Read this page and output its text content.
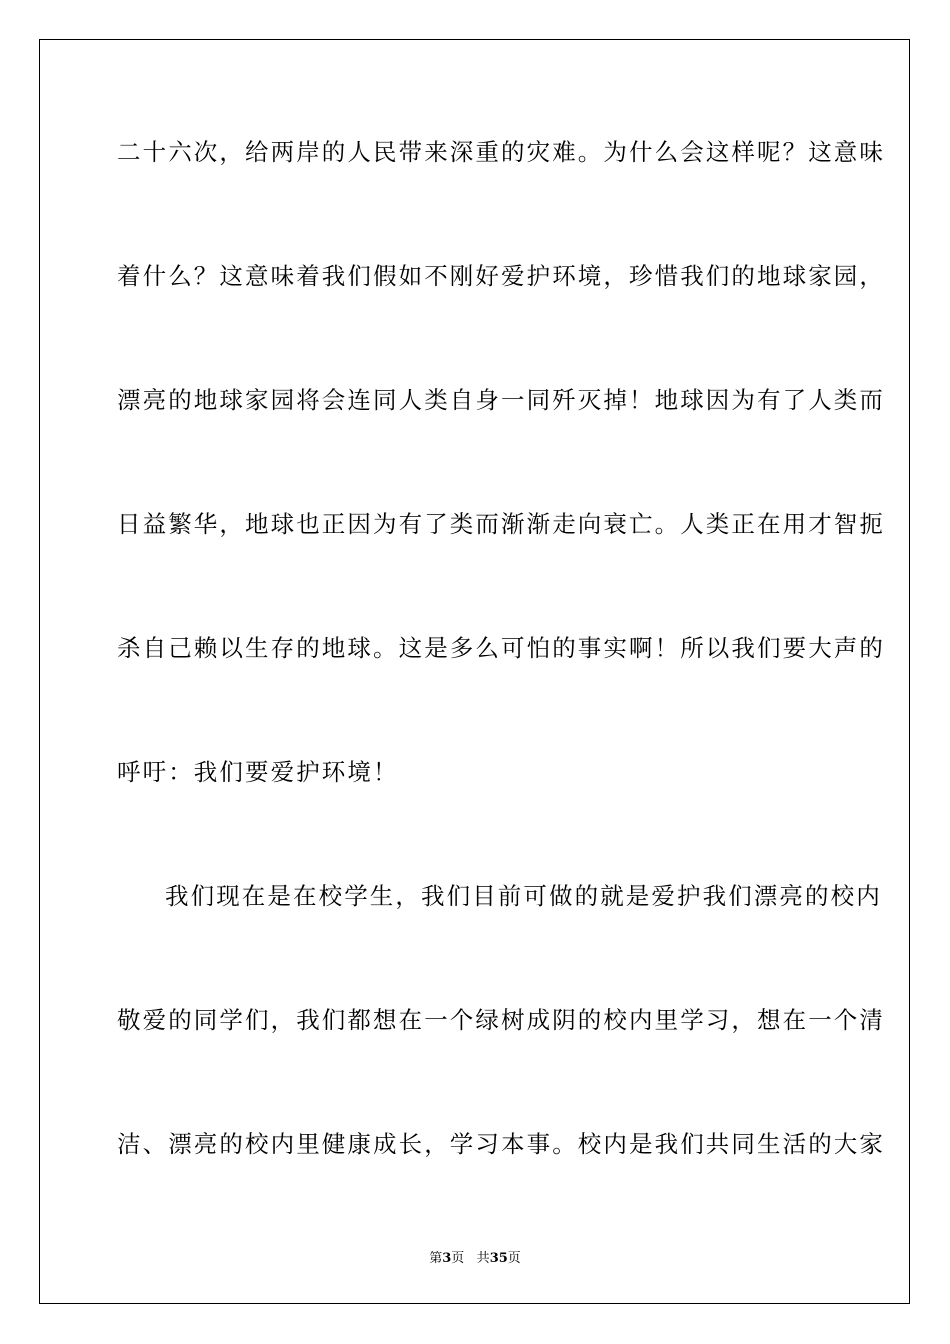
二十六次，给两岸的人民带来深重的灾难。为什么会这样呢？这意味
着什么？这意味着我们假如不刚好爱护环境，珍惜我们的地球家园，
漂亮的地球家园将会连同人类自身一同歼灭掉！地球因为有了人类而
日益繁华，地球也正因为有了类而渐渐走向衰亡。人类正在用才智扼
杀自己赖以生存的地球。这是多么可怕的事实啊！所以我们要大声的
呼吁：我们要爱护环境！
我们现在是在校学生，我们目前可做的就是爱护我们漂亮的校内
敬爱的同学们，我们都想在一个绿树成阴的校内里学习，想在一个清
洁、漂亮的校内里健康成长，学习本事。校内是我们共同生活的大家
第3页 共35页
